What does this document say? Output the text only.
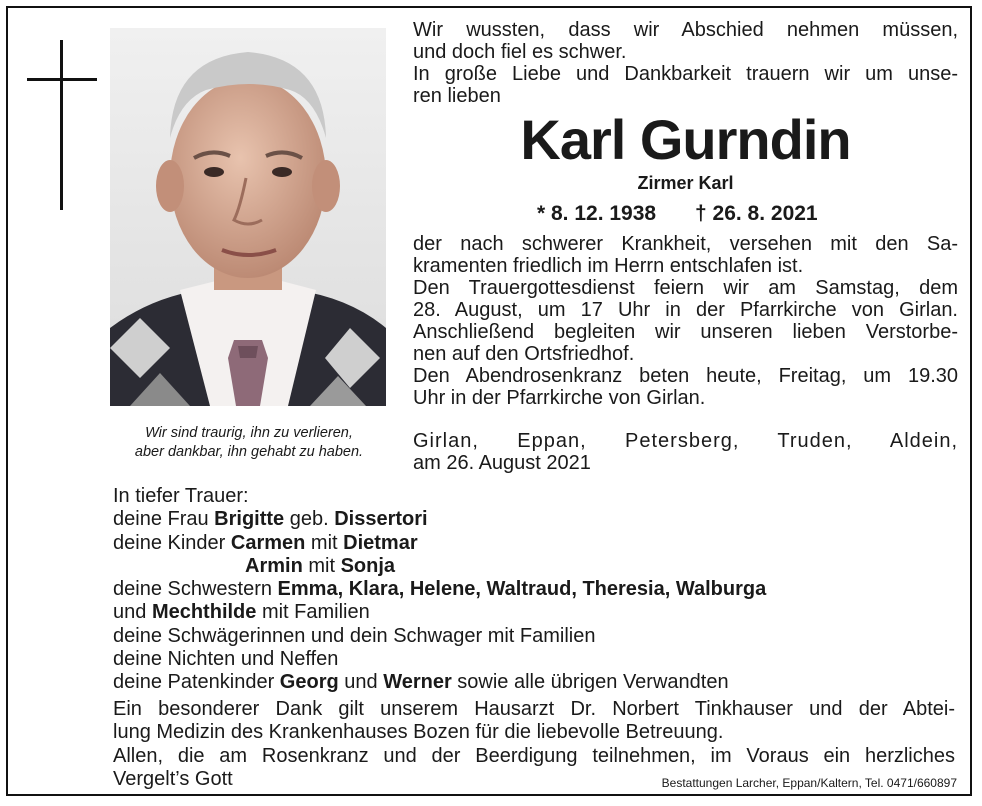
Wir sind traurig, ihn zu verlieren,
aber dankbar, ihn gehabt zu haben.
Wir wussten, dass wir Abschied nehmen müssen,
und doch fiel es schwer.
In große Liebe und Dankbarkeit trauern wir um unse-
ren lieben
Karl Gurndin
Zirmer Karl
* 8. 12. 1938 † 26. 8. 2021
der nach schwerer Krankheit, versehen mit den Sa-
kramenten friedlich im Herrn entschlafen ist.
Den Trauergottesdienst feiern wir am Samstag, dem
28. August, um 17 Uhr in der Pfarrkirche von Girlan.
Anschließend begleiten wir unseren lieben Verstorbe-
nen auf den Ortsfriedhof.
Den Abendrosenkranz beten heute, Freitag, um 19.30
Uhr in der Pfarrkirche von Girlan.
Girlan, Eppan, Petersberg, Truden, Aldein,
am 26. August 2021
In tiefer Trauer:
deine Frau Brigitte geb. Dissertori
deine Kinder Carmen mit Dietmar
Armin mit Sonja
deine Schwestern Emma, Klara, Helene, Waltraud, Theresia, Walburga
und Mechthilde mit Familien
deine Schwägerinnen und dein Schwager mit Familien
deine Nichten und Neffen
deine Patenkinder Georg und Werner sowie alle übrigen Verwandten
Ein besonderer Dank gilt unserem Hausarzt Dr. Norbert Tinkhauser und der Abtei-
lung Medizin des Krankenhauses Bozen für die liebevolle Betreuung.
Allen, die am Rosenkranz und der Beerdigung teilnehmen, im Voraus ein herzliches
Vergelt’s Gott	Bestattungen Larcher, Eppan/Kaltern, Tel. 0471/660897
